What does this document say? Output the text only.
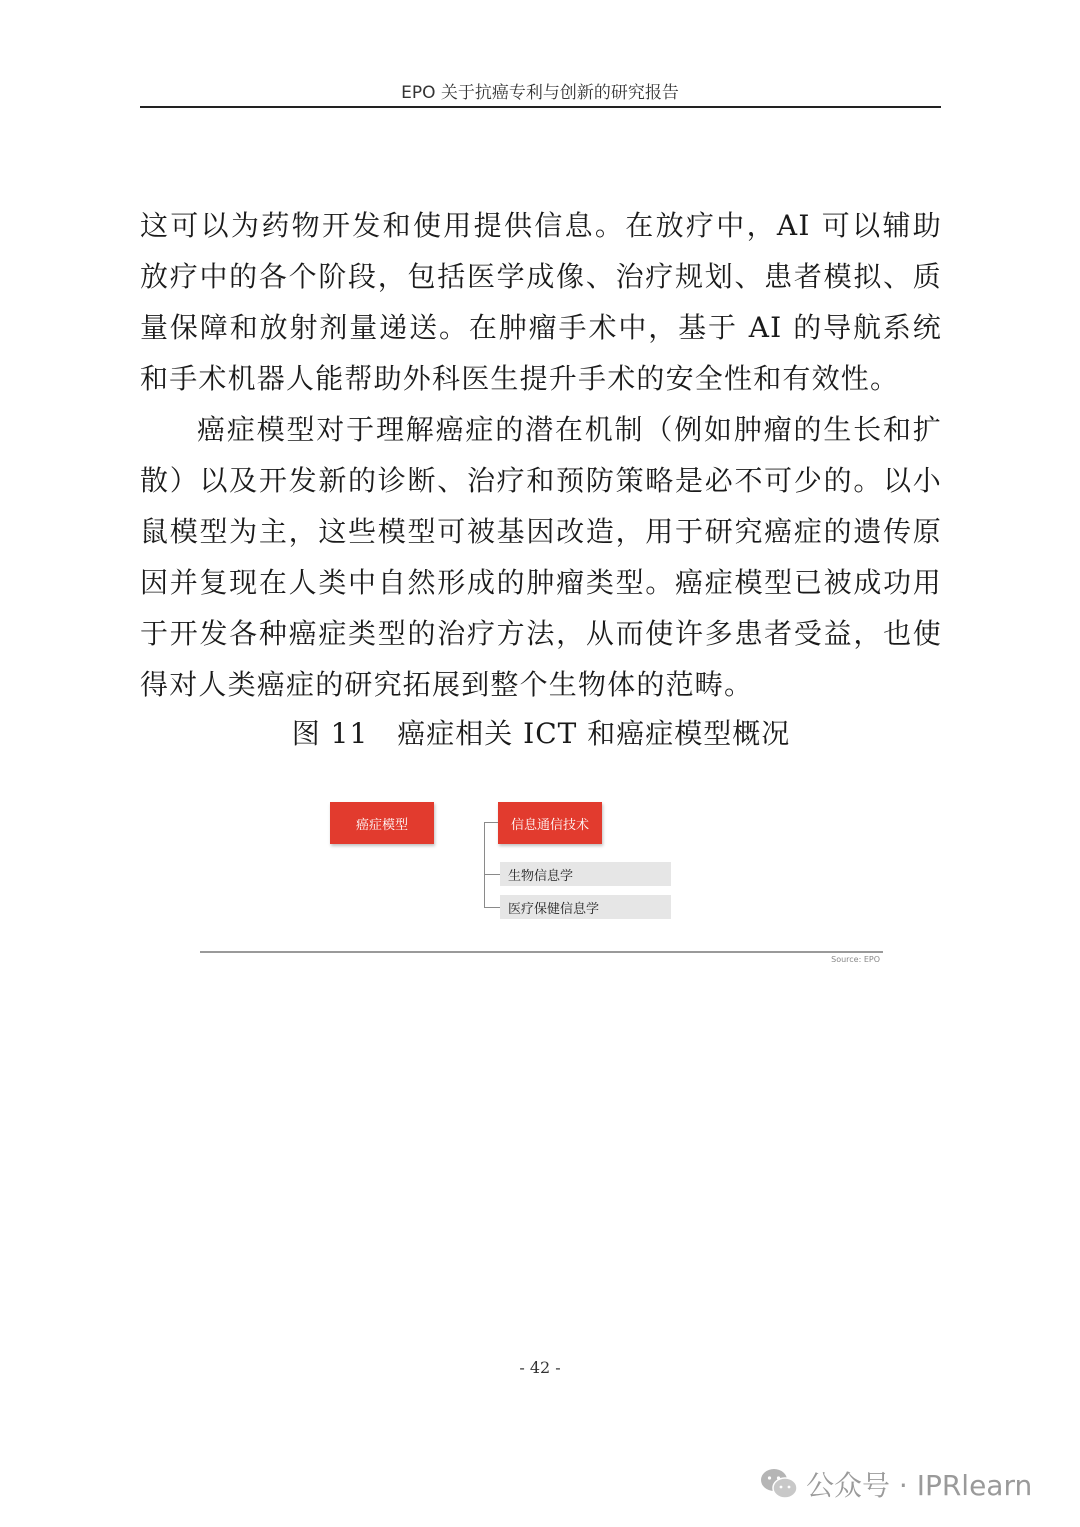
EPO 关于抗癌专利与创新的研究报告

这可以为药物开发和使用提供信息。在放疗中，AI 可以辅助放疗中的各个阶段，包括医学成像、治疗规划、患者模拟、质量保障和放射剂量递送。在肿瘤手术中，基于 AI 的导航系统和手术机器人能帮助外科医生提升手术的安全性和有效性。

癌症模型对于理解癌症的潜在机制（例如肿瘤的生长和扩散）以及开发新的诊断、治疗和预防策略是必不可少的。以小鼠模型为主，这些模型可被基因改造，用于研究癌症的遗传原因并复现在人类中自然形成的肿瘤类型。癌症模型已被成功用于开发各种癌症类型的治疗方法，从而使许多患者受益，也使得对人类癌症的研究拓展到整个生物体的范畴。

图 11　癌症相关 ICT 和癌症模型概况
癌症模型	信息通信技术
生物信息学
医疗保健信息学
Source: EPO
- 42 -
公众号 · IPRlearn
